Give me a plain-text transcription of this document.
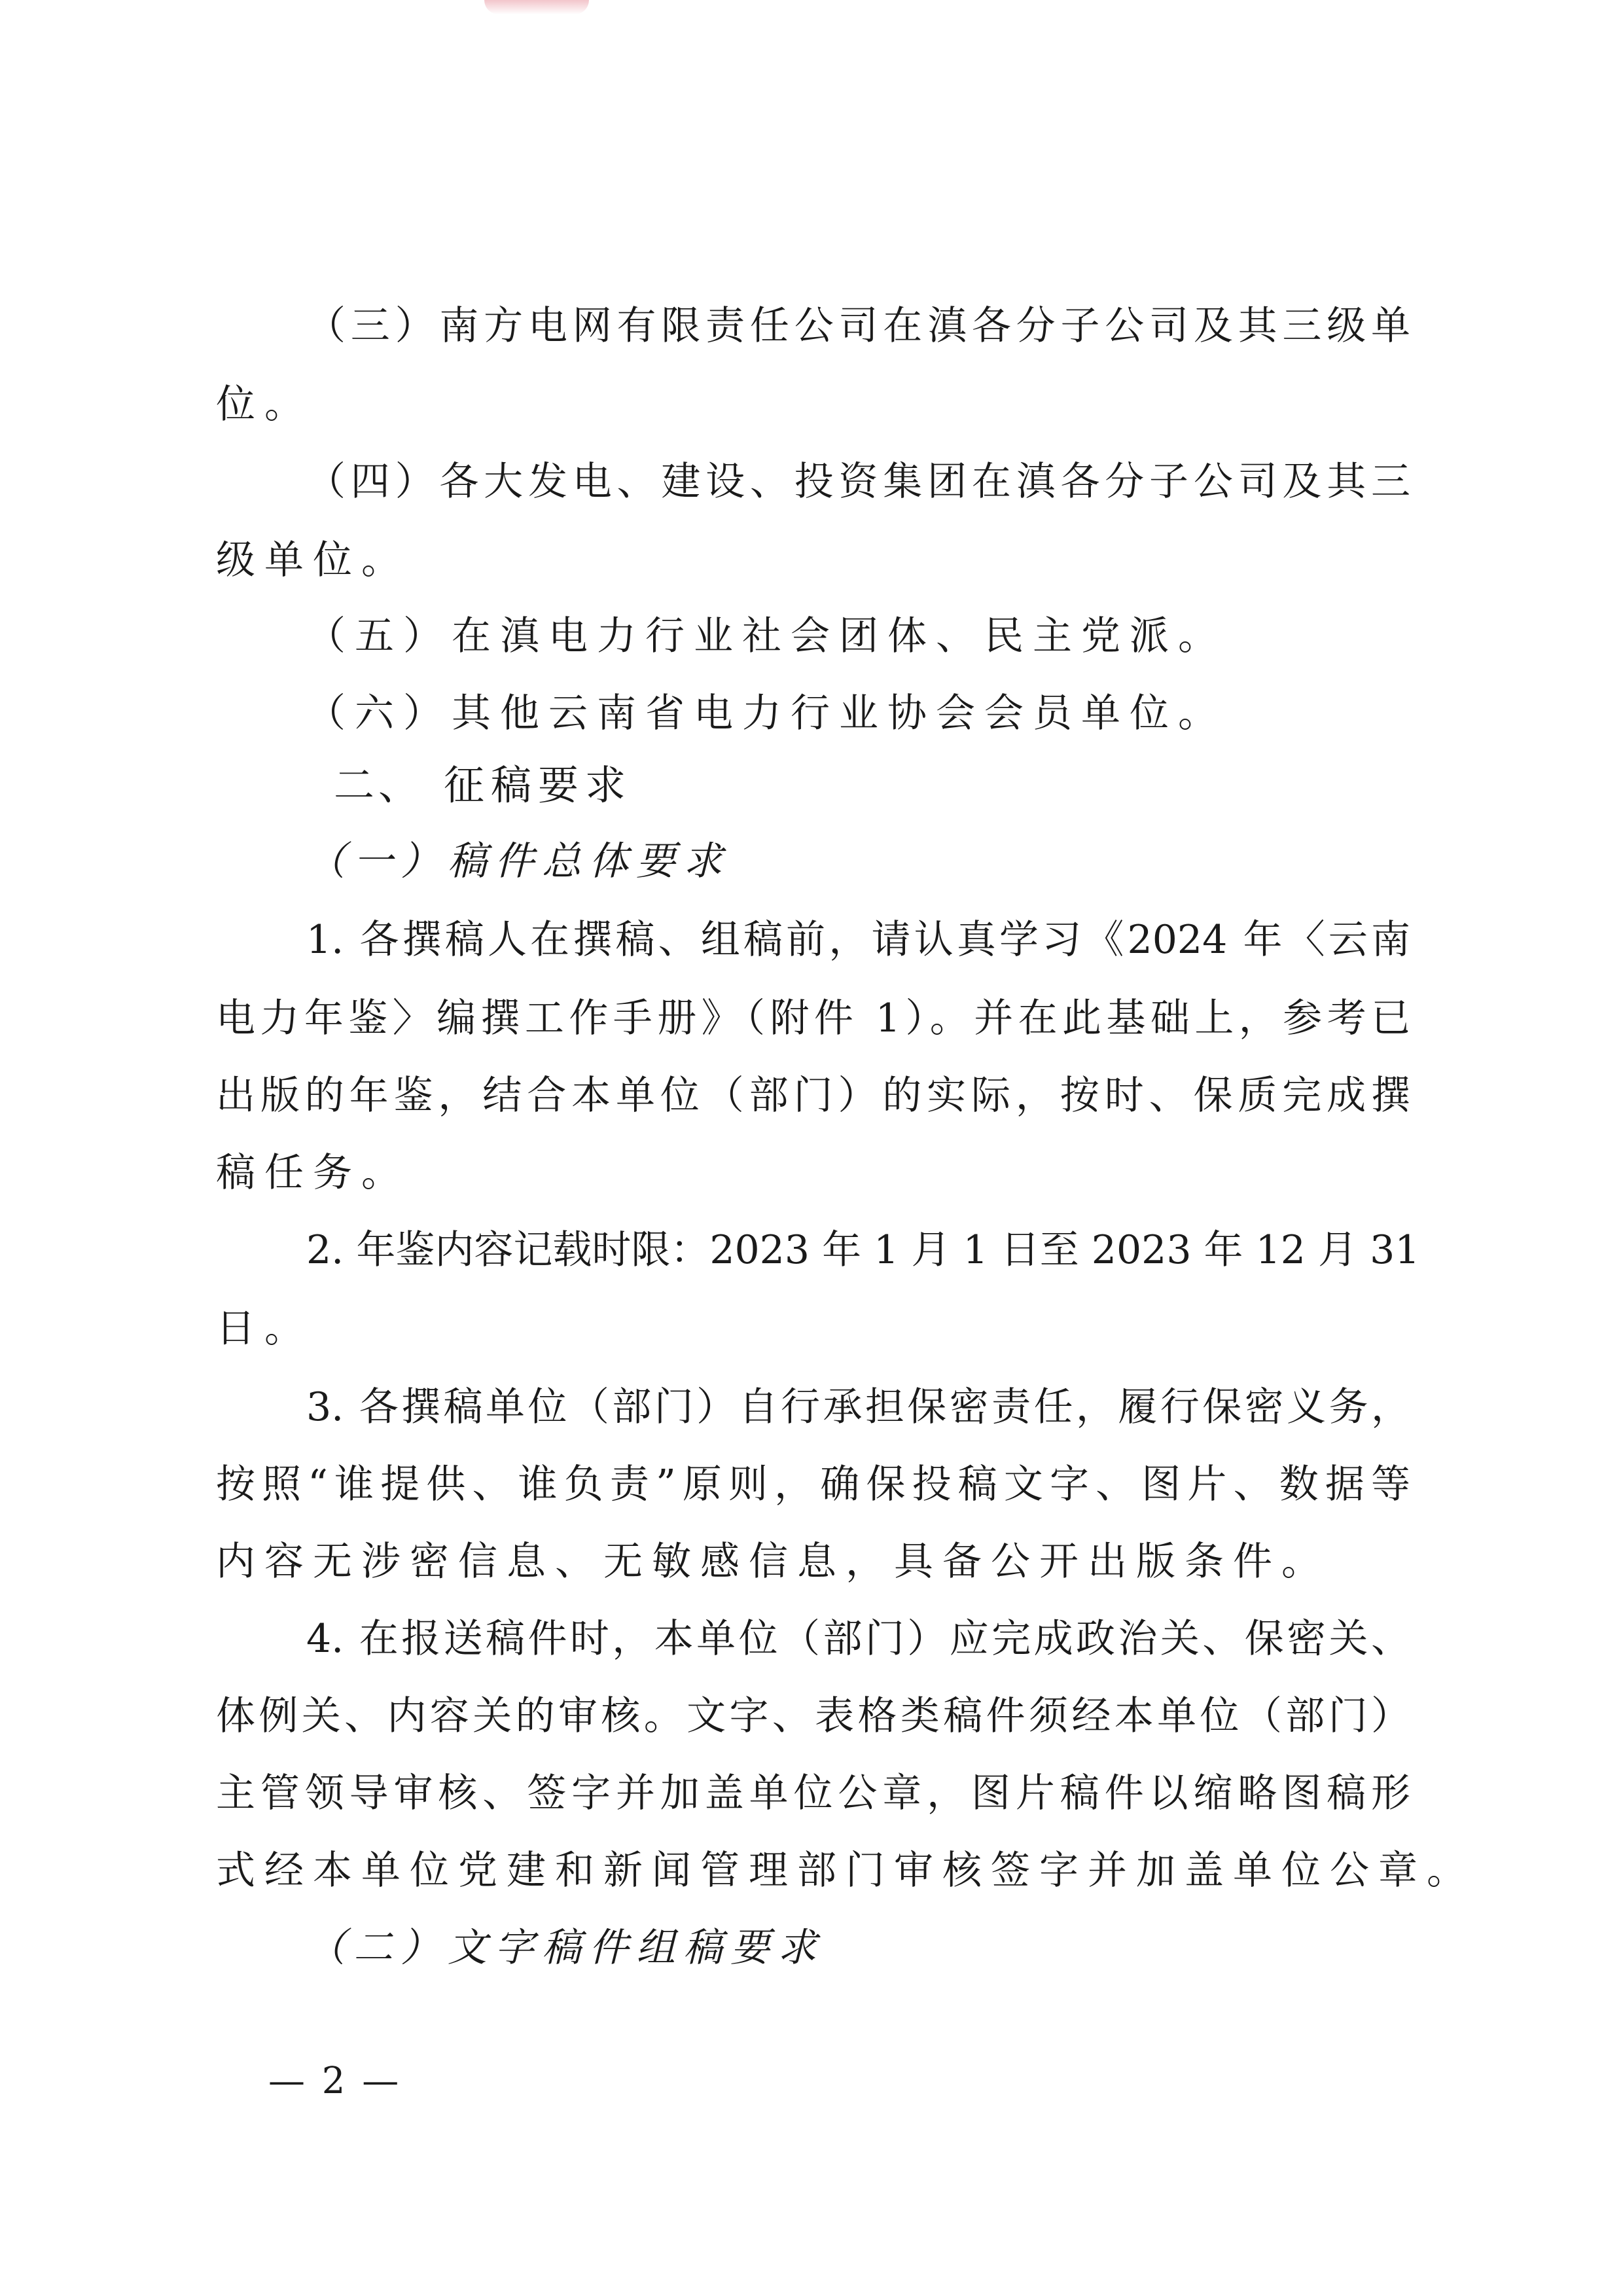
（三）南方电网有限责任公司在滇各分子公司及其三级单
位。
（四）各大发电、建设、投资集团在滇各分子公司及其三
级单位。
（五）在滇电力行业社会团体、民主党派。
（六）其他云南省电力行业协会会员单位。
二、 征稿要求
（一）稿件总体要求
1. 各撰稿人在撰稿、组稿前，请认真学习《2024 年〈云南
电力年鉴〉编撰工作手册》（附件 1）。并在此基础上，参考已
出版的年鉴，结合本单位（部门）的实际，按时、保质完成撰
稿任务。
2. 年鉴内容记载时限：2023 年 1 月 1 日至 2023 年 12 月 31
日。
3. 各撰稿单位（部门）自行承担保密责任，履行保密义务，
按照“谁提供、谁负责”原则，确保投稿文字、图片、数据等
内容无涉密信息、无敏感信息，具备公开出版条件。
4. 在报送稿件时，本单位（部门）应完成政治关、保密关、
体例关、内容关的审核。文字、表格类稿件须经本单位（部门）
主管领导审核、签字并加盖单位公章，图片稿件以缩略图稿形
式经本单位党建和新闻管理部门审核签字并加盖单位公章。
（二）文字稿件组稿要求
— 2 —
